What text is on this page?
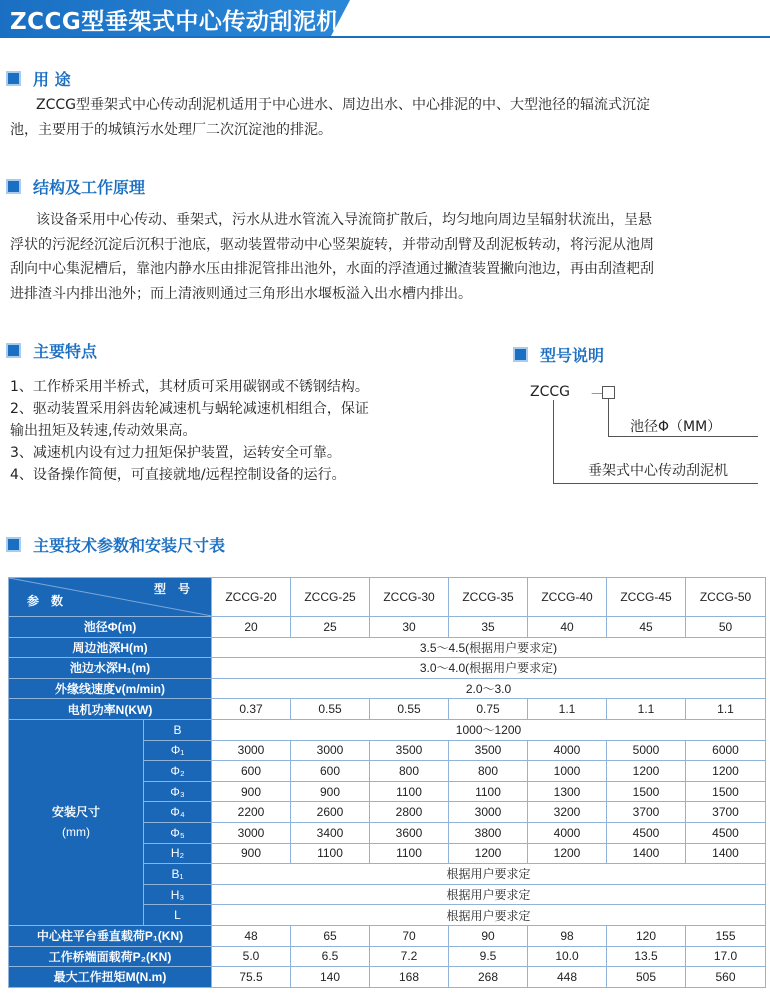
ZCCG型垂架式中心传动刮泥机
用 途
ZCCG型垂架式中心传动刮泥机适用于中心进水、周边出水、中心排泥的中、大型池径的辐流式沉淀
池，主要用于的城镇污水处理厂二次沉淀池的排泥。
结构及工作原理
该设备采用中心传动、垂架式，污水从进水管流入导流筒扩散后，均匀地向周边呈辐射状流出，呈悬
浮状的污泥经沉淀后沉积于池底，驱动装置带动中心竖架旋转，并带动刮臂及刮泥板转动，将污泥从池周
刮向中心集泥槽后，靠池内静水压由排泥管排出池外，水面的浮渣通过撇渣装置撇向池边，再由刮渣耙刮
进排渣斗内排出池外；而上清液则通过三角形出水堰板溢入出水槽内排出。
主要特点
1、工作桥采用半桥式，其材质可采用碳钢或不锈钢结构。
2、驱动装置采用斜齿轮减速机与蜗轮减速机相组合，保证
输出扭矩及转速,传动效果高。
3、减速机内设有过力扭矩保护装置，运转安全可靠。
4、设备操作简便，可直接就地/远程控制设备的运行。
型号说明
ZCCG －
池径Φ（MM）
垂架式中心传动刮泥机
主要技术参数和安装尺寸表
参　数
型　号		ZCCG-20	ZCCG-25	ZCCG-30	ZCCG-35	ZCCG-40	ZCCG-45	ZCCG-50
池径Φ(m)		20	25	30	35	40	45	50
周边池深H(m)		3.5～4.5(根据用户要求定)						
池边水深H₁(m)		3.0～4.0(根据用户要求定)						
外缘线速度v(m/min)		2.0～3.0						
电机功率N(KW)		0.37	0.55	0.55	0.75	1.1	1.1	1.1

安装尺寸
(mm)	B	1000～1200						
	Φ₁	3000	3000	3500	3500	4000	5000	6000
	Φ₂	600	600	800	800	1000	1200	1200
	Φ₃	900	900	1100	1100	1300	1500	1500
	Φ₄	2200	2600	2800	3000	3200	3700	3700
	Φ₅	3000	3400	3600	3800	4000	4500	4500
	H₂	900	1100	1100	1200	1200	1400	1400
	B₁	根据用户要求定						
	H₃	根据用户要求定						
	L	根据用户要求定						
中心柱平台垂直载荷P₁(KN)		48	65	70	90	98	120	155
工作桥端面载荷P₂(KN)		5.0	6.5	7.2	9.5	10.0	13.5	17.0
最大工作扭矩M(N.m)		75.5	140	168	268	448	505	560
